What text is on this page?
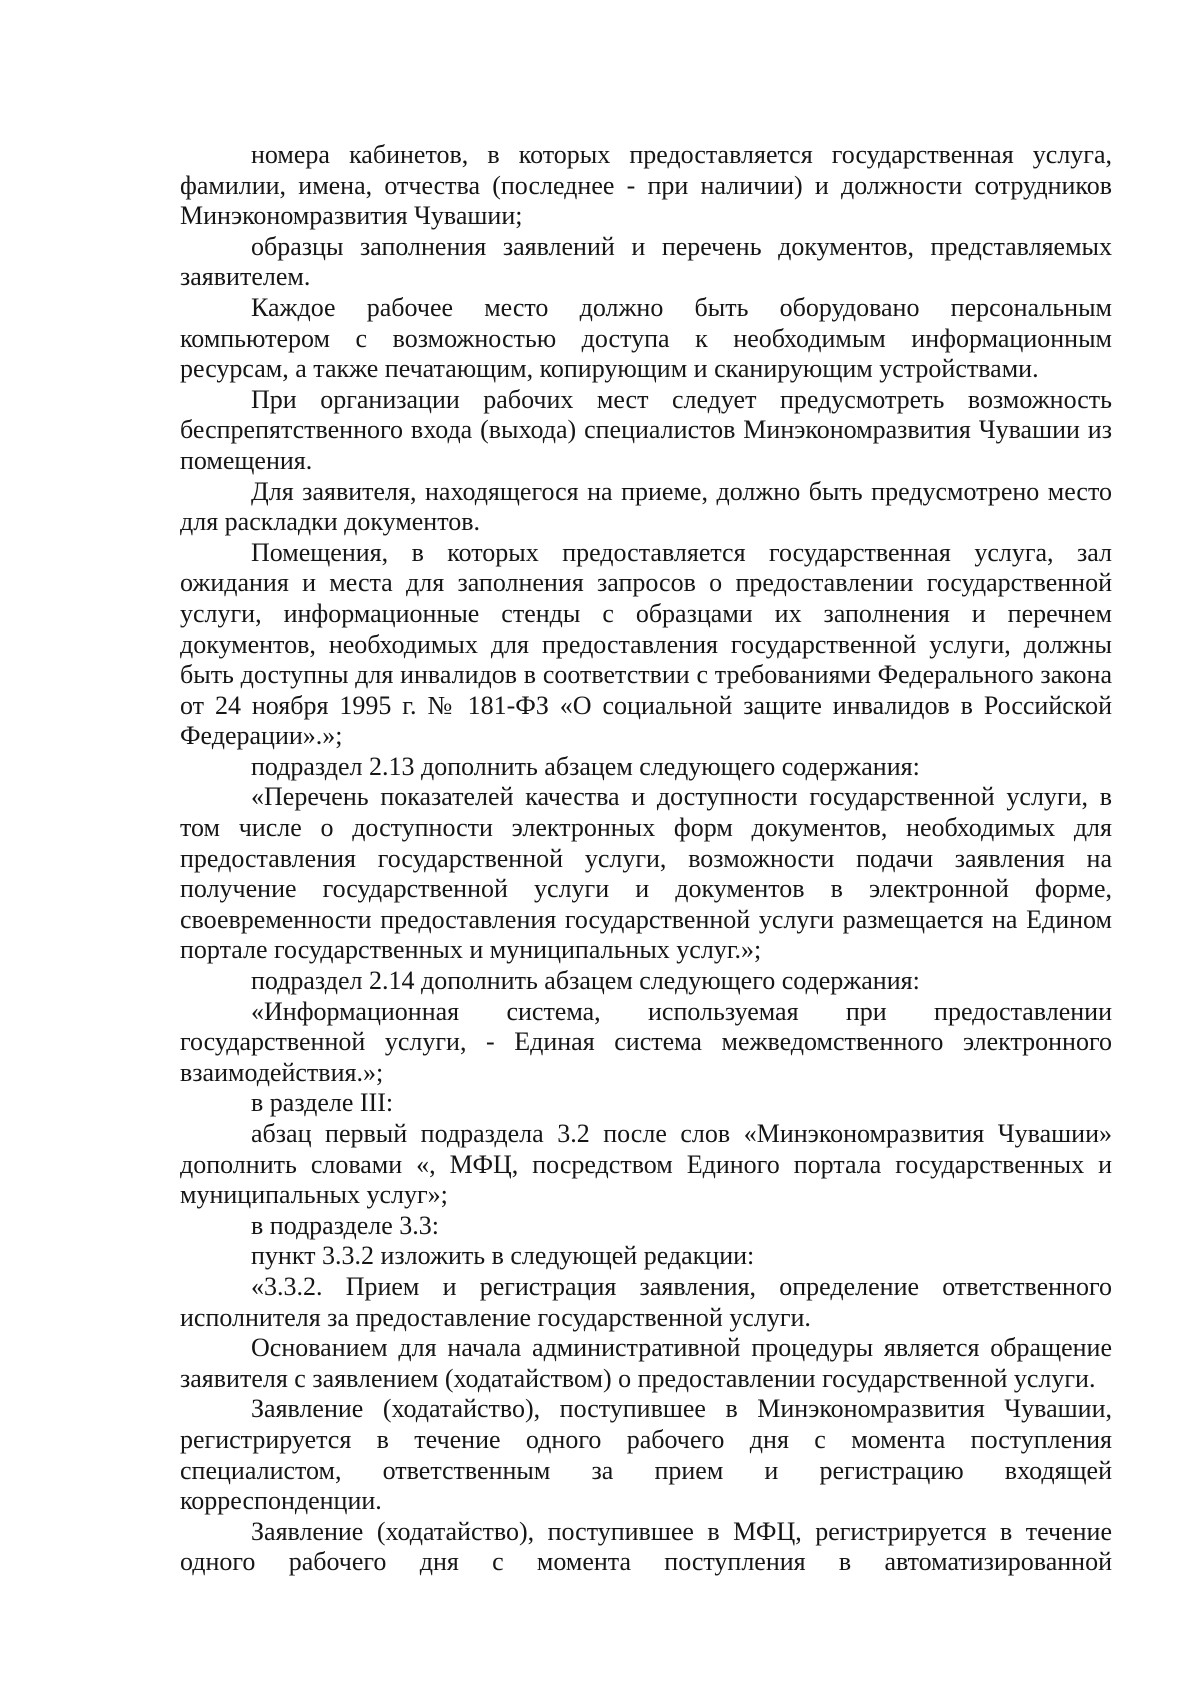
номера кабинетов, в которых предоставляется государственная услуга, фамилии, имена, отчества (последнее - при наличии) и должности сотрудников Минэкономразвития Чувашии;

образцы заполнения заявлений и перечень документов, представляемых заявителем.

Каждое рабочее место должно быть оборудовано персональным компьютером с возможностью доступа к необходимым информационным ресурсам, а также печатающим, копирующим и сканирующим устройствами.

При организации рабочих мест следует предусмотреть возможность беспрепятственного входа (выхода) специалистов Минэкономразвития Чувашии из помещения.

Для заявителя, находящегося на приеме, должно быть предусмотрено место для раскладки документов.

Помещения, в которых предоставляется государственная услуга, зал ожидания и места для заполнения запросов о предоставлении государственной услуги, информационные стенды с образцами их заполнения и перечнем документов, необходимых для предоставления государственной услуги, должны быть доступны для инвалидов в соответствии с требованиями Федерального закона от 24 ноября 1995 г. № 181-ФЗ «О социальной защите инвалидов в Российской Федерации».»;

подраздел 2.13 дополнить абзацем следующего содержания:

«Перечень показателей качества и доступности государственной услуги, в том числе о доступности электронных форм документов, необходимых для предоставления государственной услуги, возможности подачи заявления на получение государственной услуги и документов в электронной форме, своевременности предоставления государственной услуги размещается на Едином портале государственных и муниципальных услуг.»;

подраздел 2.14 дополнить абзацем следующего содержания:

«Информационная система, используемая при предоставлении государственной услуги, - Единая система межведомственного электронного взаимодействия.»;

в разделе III:

абзац первый подраздела 3.2 после слов «Минэкономразвития Чувашии» дополнить словами «, МФЦ, посредством Единого портала государственных и муниципальных услуг»;

в подразделе 3.3:

пункт 3.3.2 изложить в следующей редакции:

«3.3.2. Прием и регистрация заявления, определение ответственного исполнителя за предоставление государственной услуги.

Основанием для начала административной процедуры является обращение заявителя с заявлением (ходатайством) о предоставлении государственной услуги.

Заявление (ходатайство), поступившее в Минэкономразвития Чувашии, регистрируется в течение одного рабочего дня с момента поступления специалистом, ответственным за прием и регистрацию входящей корреспонденции.

Заявление (ходатайство), поступившее в МФЦ, регистрируется в течение одного рабочего дня с момента поступления в автоматизированной
